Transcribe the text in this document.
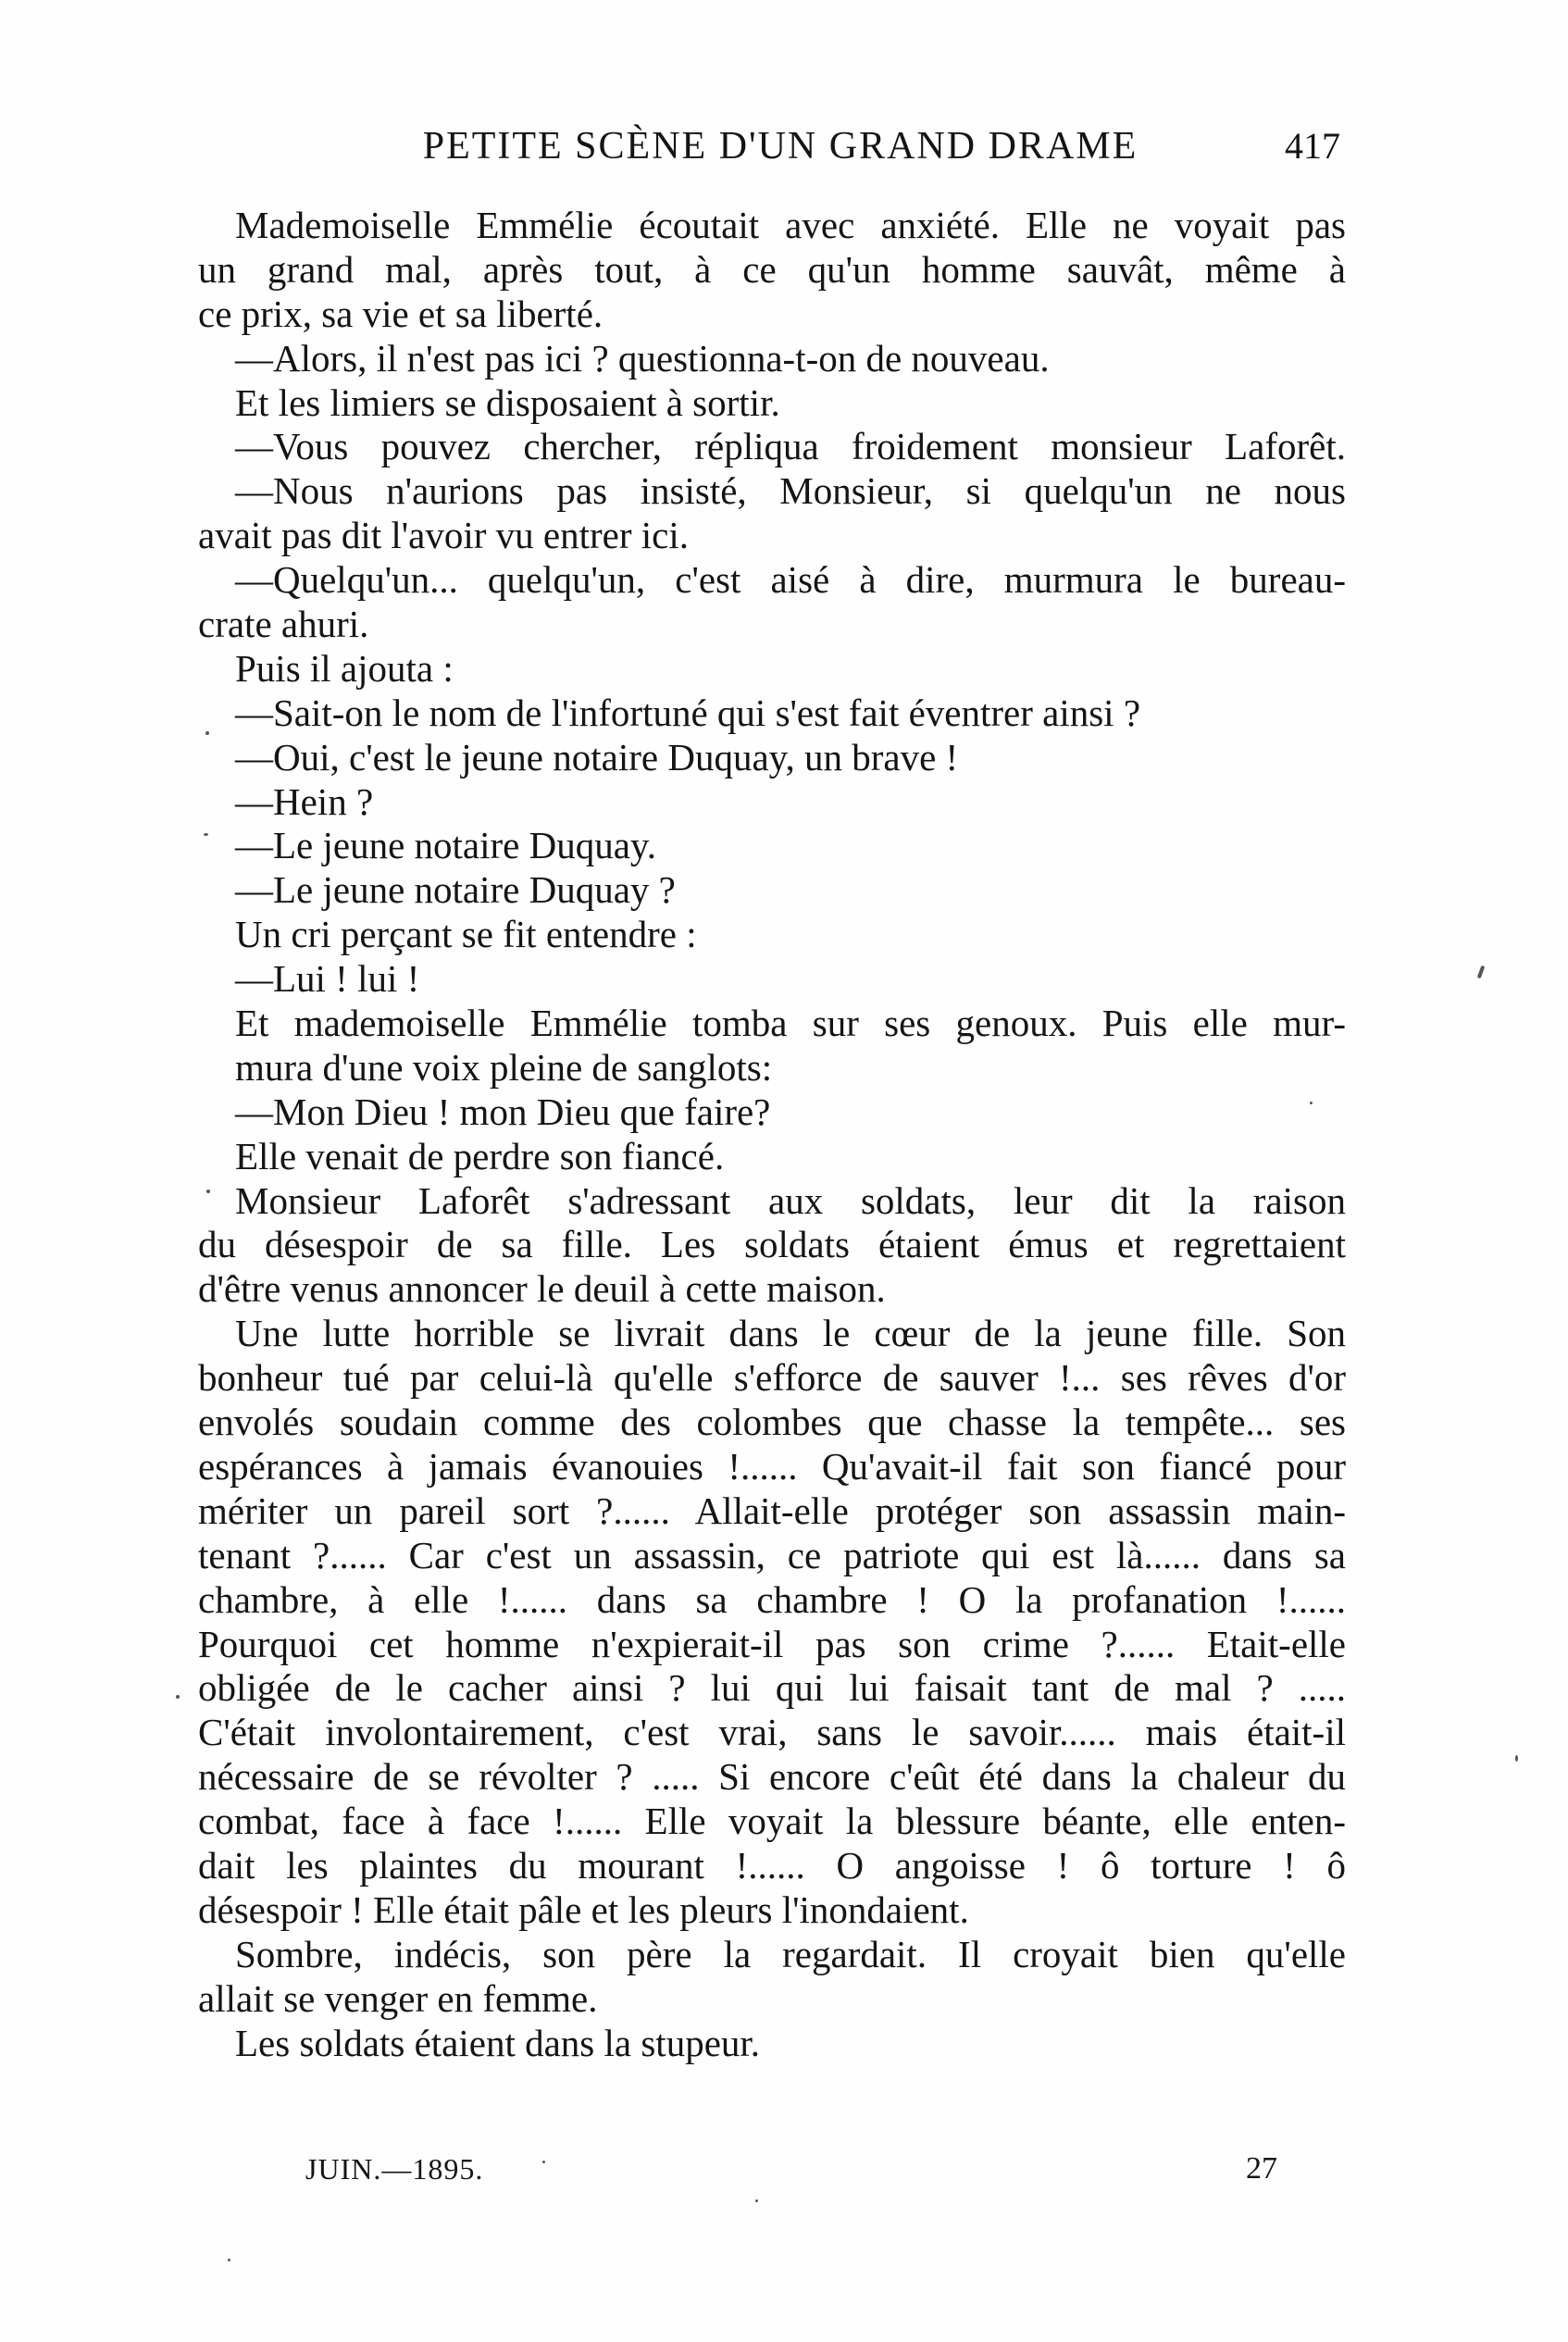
PETITE SCÈNE D'UN GRAND DRAME	417
Mademoiselle Emmélie écoutait avec anxiété. Elle ne voyait pas
un grand mal, après tout, à ce qu'un homme sauvât, même à
ce prix, sa vie et sa liberté.
—Alors, il n'est pas ici ? questionna-t-on de nouveau.
Et les limiers se disposaient à sortir.
—Vous pouvez chercher, répliqua froidement monsieur Laforêt.
—Nous n'aurions pas insisté, Monsieur, si quelqu'un ne nous
avait pas dit l'avoir vu entrer ici.
—Quelqu'un... quelqu'un, c'est aisé à dire, murmura le bureau-
crate ahuri.
Puis il ajouta :
—Sait-on le nom de l'infortuné qui s'est fait éventrer ainsi ?
—Oui, c'est le jeune notaire Duquay, un brave !
—Hein ?
—Le jeune notaire Duquay.
—Le jeune notaire Duquay ?
Un cri perçant se fit entendre :
—Lui ! lui !
Et mademoiselle Emmélie tomba sur ses genoux. Puis elle mur-
mura d'une voix pleine de sanglots:
—Mon Dieu ! mon Dieu que faire?
Elle venait de perdre son fiancé.
Monsieur Laforêt s'adressant aux soldats, leur dit la raison
du désespoir de sa fille. Les soldats étaient émus et regrettaient
d'être venus annoncer le deuil à cette maison.
Une lutte horrible se livrait dans le cœur de la jeune fille. Son
bonheur tué par celui-là qu'elle s'efforce de sauver !... ses rêves d'or
envolés soudain comme des colombes que chasse la tempête... ses
espérances à jamais évanouies !...... Qu'avait-il fait son fiancé pour
mériter un pareil sort ?...... Allait-elle protéger son assassin main-
tenant ?...... Car c'est un assassin, ce patriote qui est là...... dans sa
chambre, à elle !...... dans sa chambre ! O la profanation !......
Pourquoi cet homme n'expierait-il pas son crime ?...... Etait-elle
obligée de le cacher ainsi ? lui qui lui faisait tant de mal ? .....
C'était involontairement, c'est vrai, sans le savoir...... mais était-il
nécessaire de se révolter ? ..... Si encore c'eût été dans la chaleur du
combat, face à face !...... Elle voyait la blessure béante, elle enten-
dait les plaintes du mourant !...... O angoisse ! ô torture ! ô
désespoir ! Elle était pâle et les pleurs l'inondaient.
Sombre, indécis, son père la regardait. Il croyait bien qu'elle
allait se venger en femme.
Les soldats étaient dans la stupeur.
JUIN.—1895.	27
